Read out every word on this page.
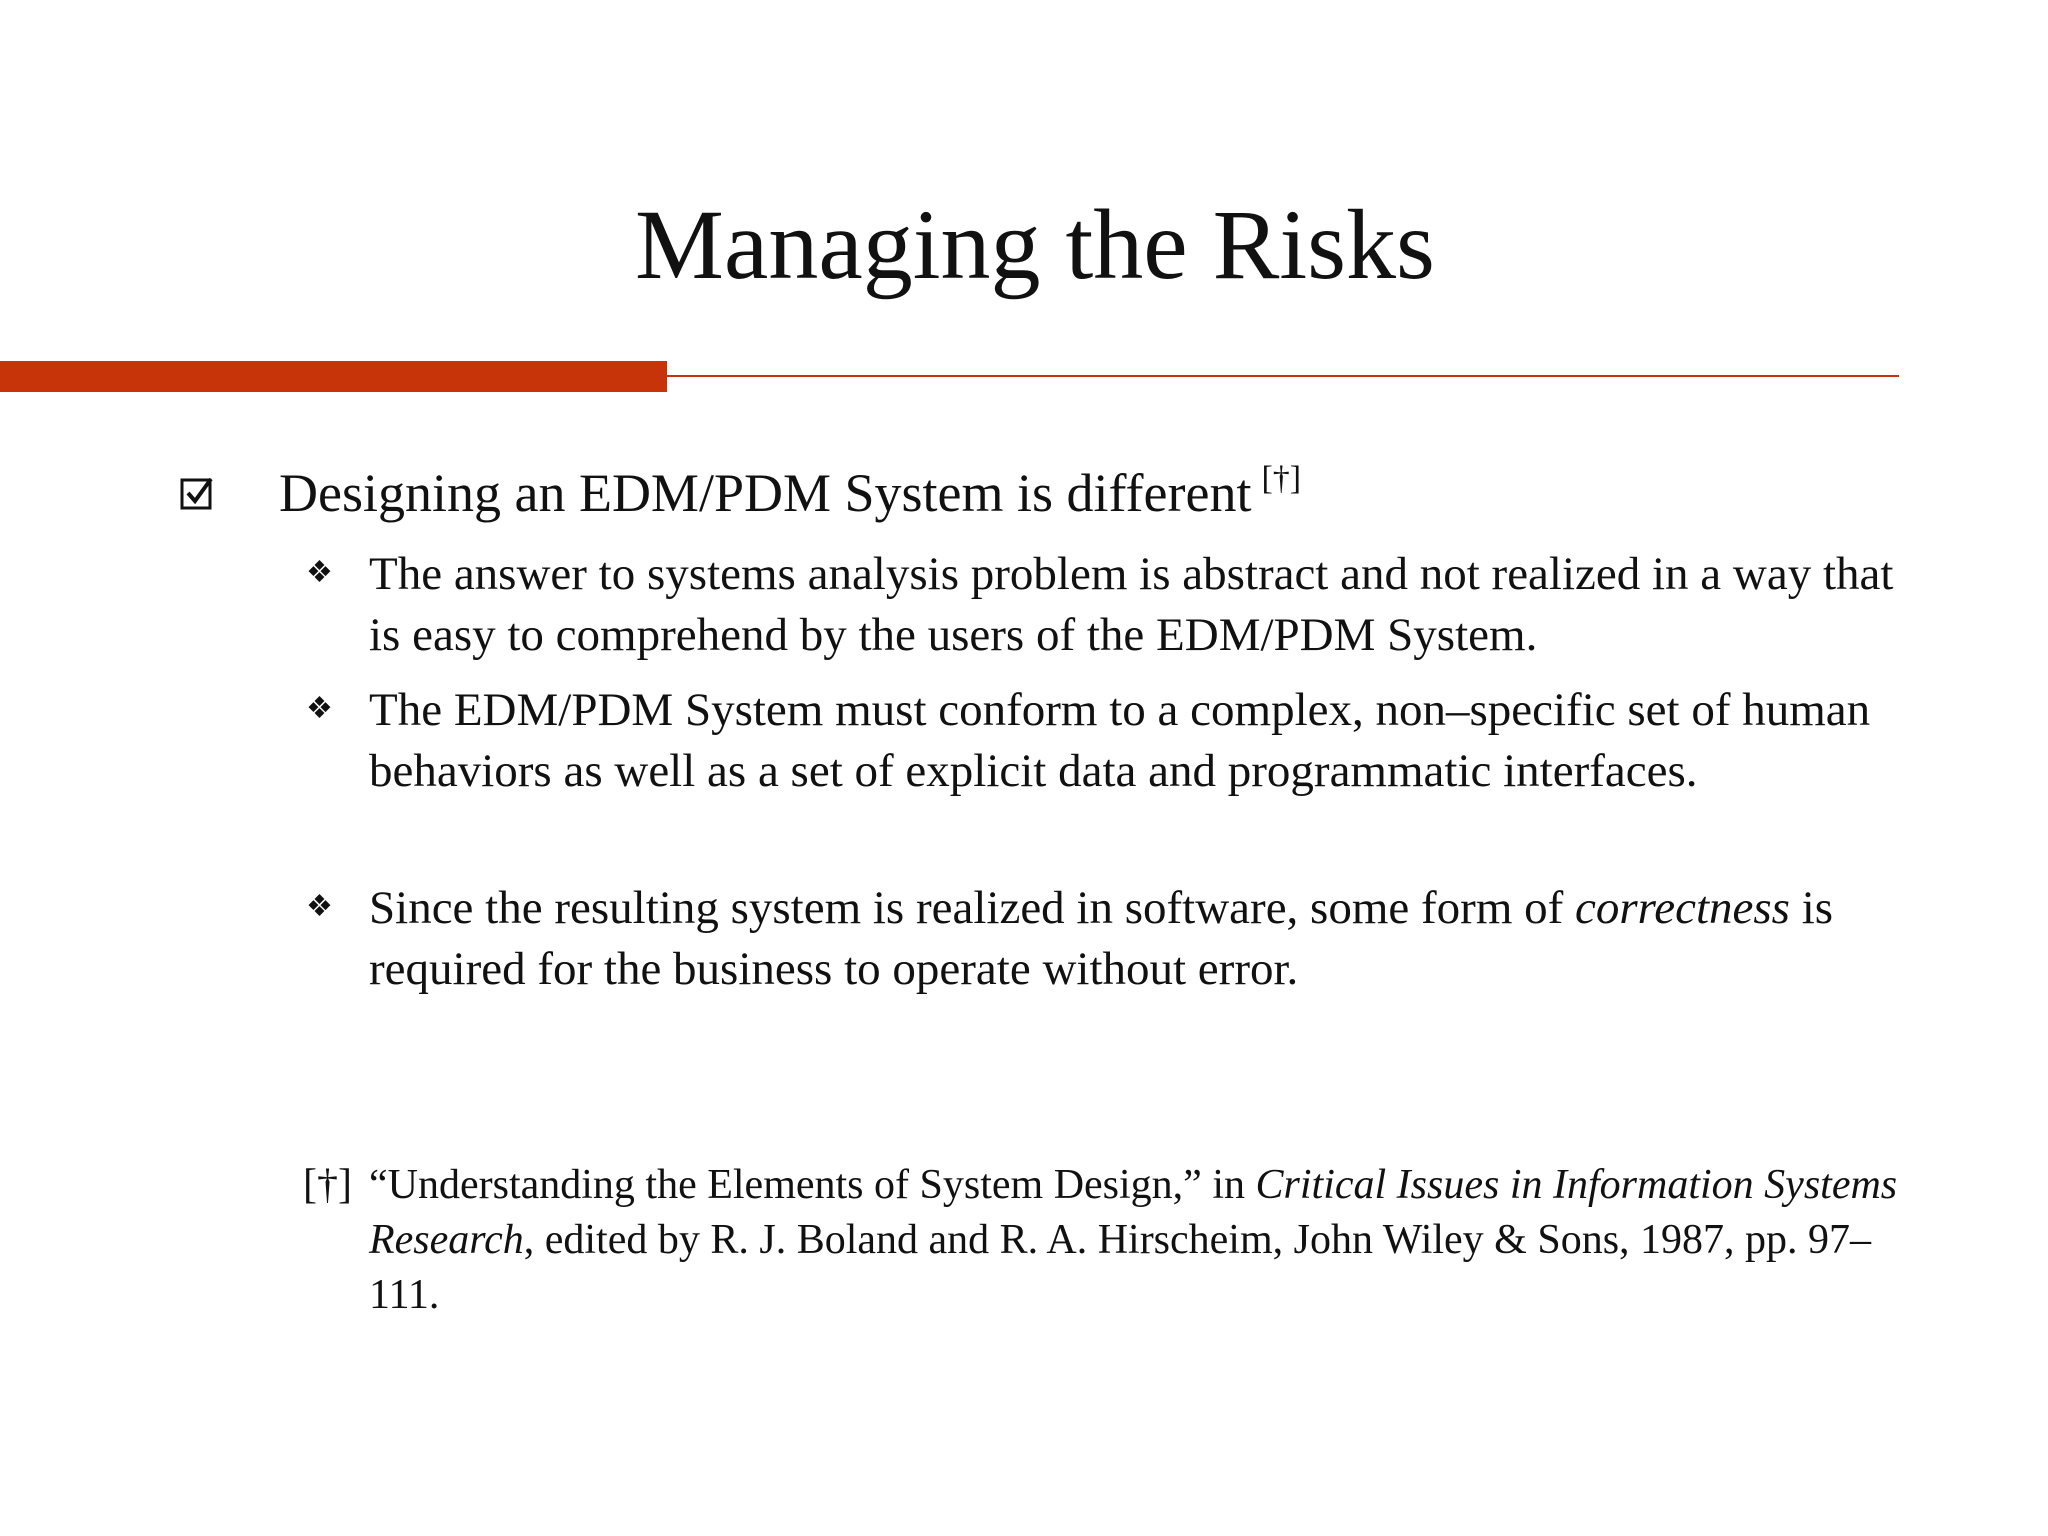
Managing the Risks
Designing an EDM/PDM System is different [†]
❖ The answer to systems analysis problem is abstract and not realized in a way that is easy to comprehend by the users of the EDM/PDM System.
❖ The EDM/PDM System must conform to a complex, non–specific set of human behaviors as well as a set of explicit data and programmatic interfaces.
❖ Since the resulting system is realized in software, some form of correctness is required for the business to operate without error.
[†] “Understanding the Elements of System Design,” in Critical Issues in Information Systems Research, edited by R. J. Boland and R. A. Hirscheim, John Wiley & Sons, 1987, pp. 97–111.
